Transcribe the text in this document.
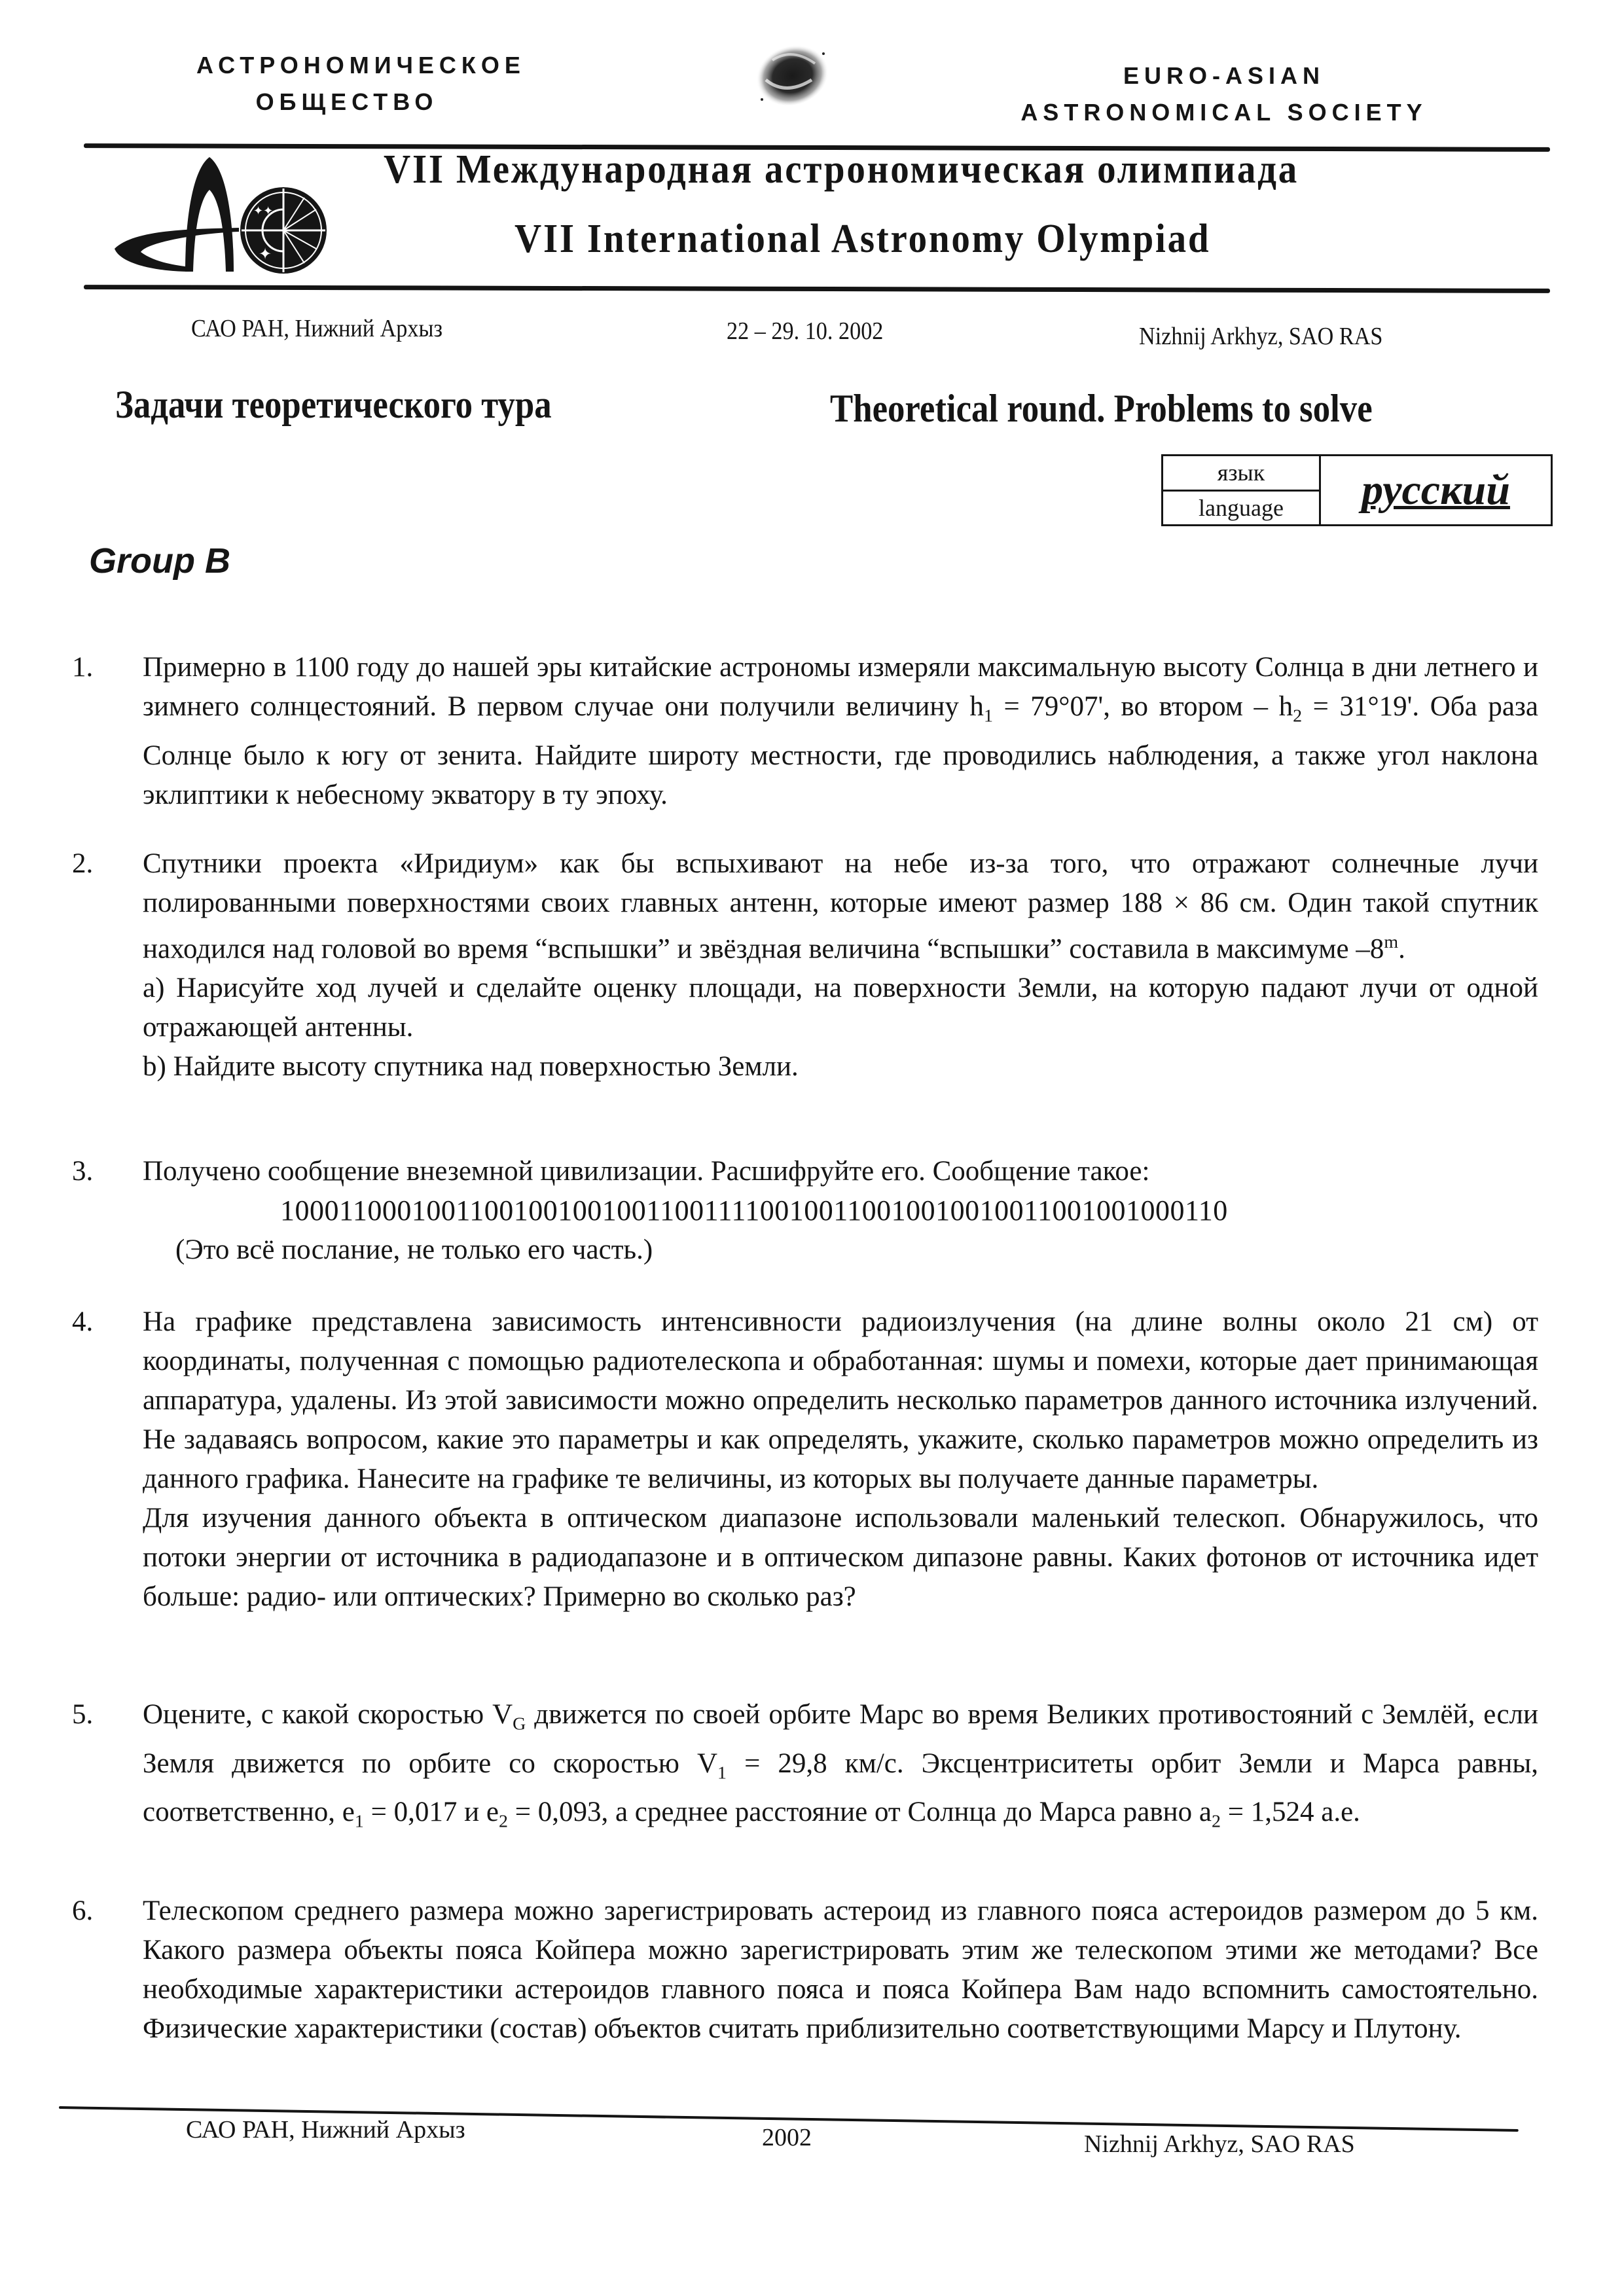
АСТРОНОМИЧЕСКОЕ
ОБЩЕСТВО
EURO-ASIAN
ASTRONOMICAL SOCIETY
✦✦
✦
VII Международная астрономическая олимпиада
VII International Astronomy Olympiad
САО РАН, Нижний Архыз	22 – 29. 10. 2002	Nizhnij Arkhyz, SAO RAS
Задачи теоретического тура	Theoretical round. Problems to solve
язык
language	русский
Group B
1.	Примерно в 1100 году до нашей эры китайские астрономы измеряли максимальную высоту Солнца в дни летнего и зимнего солнцестояний. В первом случае они получили величину $h_1 = 79^\circ 07'$, во втором – $h_2 = 31^\circ 19'$. Оба раза Солнце было к югу от зенита. Найдите широту местности, где проводились наблюдения, а также угол наклона эклиптики к небесному экватору в ту эпоху.
2.	Спутники проекта «Иридиум» как бы вспыхивают на небе из-за того, что отражают солнечные лучи полированными поверхностями своих главных антенн, которые имеют размер 188 × 86 см. Один такой спутник находился над головой во время “вспышки” и звёздная величина “вспышки” составила в максимуме –8$^m$.

a) Нарисуйте ход лучей и сделайте оценку площади, на поверхности Земли, на которую падают лучи от одной отражающей антенны.

b) Найдите высоту спутника над поверхностью Земли.

3.	Получено сообщение внеземной цивилизации. Расшифруйте его. Сообщение такое:

10001100010011001001001001100111100100110010010010011001001000110

(Это всё послание, не только его часть.)

4.	На графике представлена зависимость интенсивности радиоизлучения (на длине волны около 21 см) от координаты, полученная с помощью радиотелескопа и обработанная: шумы и помехи, которые дает принимающая аппаратура, удалены. Из этой зависимости можно определить несколько параметров данного источника излучений. Не задаваясь вопросом, какие это параметры и как определять, укажите, сколько параметров можно определить из данного графика. Нанесите на графике те величины, из которых вы получаете данные параметры.

Для изучения данного объекта в оптическом диапазоне использовали маленький телескоп. Обнаружилось, что потоки энергии от источника в радиодапазоне и в оптическом дипазоне равны. Каких фотонов от источника идет больше: радио- или оптических? Примерно во сколько раз?

5.	Оцените, с какой скоростью $V_G$ движется по своей орбите Марс во время Великих противостояний с Землёй, если Земля движется по орбите со скоростью $V_1 = 29,8$ км/с. Эксцентриситеты орбит Земли и Марса равны, соответственно, $e_1 = 0,017$ и $e_2 = 0,093$, а среднее расстояние от Солнца до Марса равно $a_2 = 1,524$ а.е.
6.	Телескопом среднего размера можно зарегистрировать астероид из главного пояса астероидов размером до 5 км. Какого размера объекты пояса Койпера можно зарегистрировать этим же телескопом этими же методами? Все необходимые характеристики астероидов главного пояса и пояса Койпера Вам надо вспомнить самостоятельно. Физические характеристики (состав) объектов считать приблизительно соответствующими Марсу и Плутону.
САО РАН, Нижний Архыз	2002	Nizhnij Arkhyz, SAO RAS
